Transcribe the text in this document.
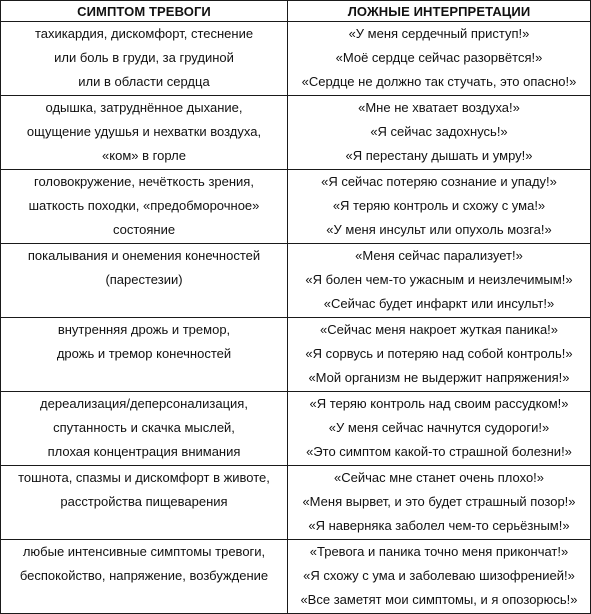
СИМПТОМ ТРЕВОГИ	ЛОЖНЫЕ ИНТЕРПРЕТАЦИИ

тахикардия, дискомфорт, стеснение
или боль в груди, за грудиной
или в области сердца	«У меня сердечный приступ!»
«Моё сердце сейчас разорвётся!»
«Сердце не должно так стучать, это опасно!»

одышка, затруднённое дыхание,
ощущение удушья и нехватки воздуха,
«ком» в горле	«Мне не хватает воздуха!»
«Я сейчас задохнусь!»
«Я перестану дышать и умру!»

головокружение, нечёткость зрения,
шаткость походки, «предобморочное»
состояние	«Я сейчас потеряю сознание и упаду!»
«Я теряю контроль и схожу с ума!»
«У меня инсульт или опухоль мозга!»

покалывания и онемения конечностей
(парестезии)	«Меня сейчас парализует!»
«Я болен чем-то ужасным и неизлечимым!»
«Сейчас будет инфаркт или инсульт!»

внутренняя дрожь и тремор,
дрожь и тремор конечностей	«Сейчас меня накроет жуткая паника!»
«Я сорвусь и потеряю над собой контроль!»
«Мой организм не выдержит напряжения!»

дереализация/деперсонализация,
спутанность и скачка мыслей,
плохая концентрация внимания	«Я теряю контроль над своим рассудком!»
«У меня сейчас начнутся судороги!»
«Это симптом какой-то страшной болезни!»

тошнота, спазмы и дискомфорт в животе,
расстройства пищеварения	«Сейчас мне станет очень плохо!»
«Меня вырвет, и это будет страшный позор!»
«Я наверняка заболел чем-то серьёзным!»

любые интенсивные симптомы тревоги,
беспокойство, напряжение, возбуждение	«Тревога и паника точно меня прикончат!»
«Я схожу с ума и заболеваю шизофренией!»
«Все заметят мои симптомы, и я опозорюсь!»
